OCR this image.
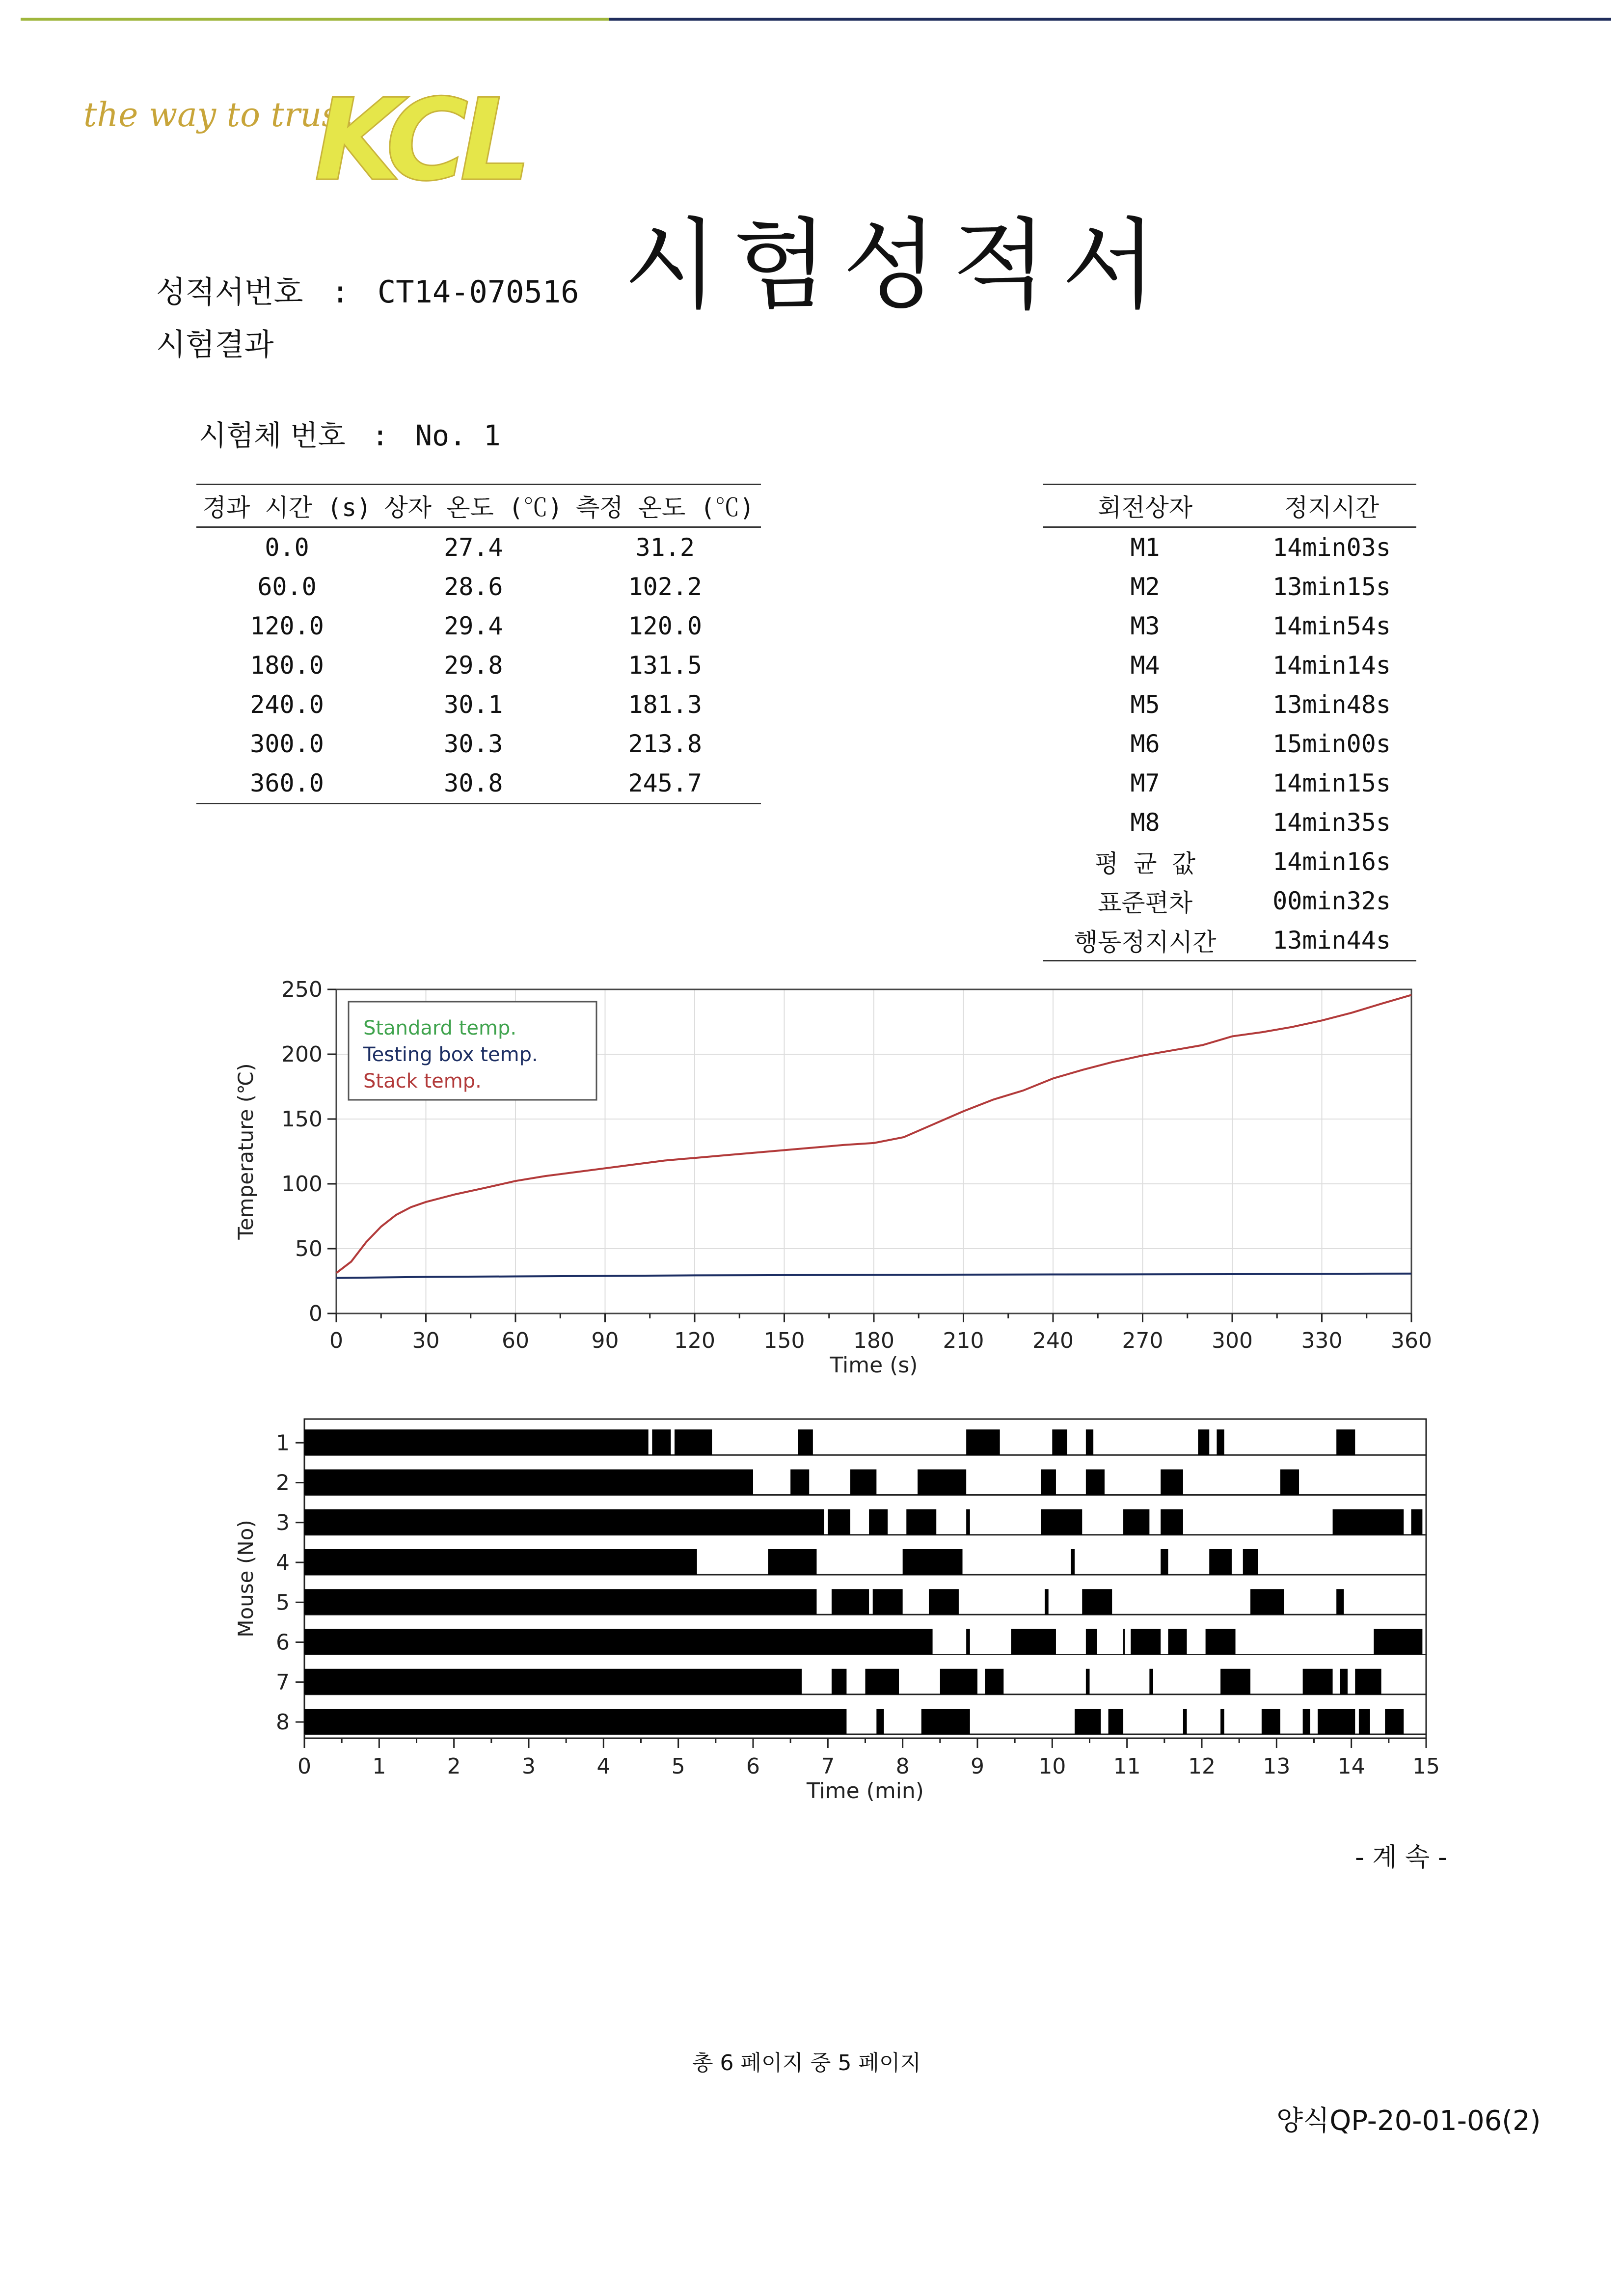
the way to trust
KCL
시험성적서
성적서번호  :  CT14-070516
시험결과
시험체 번호  :  No. 1
경과 시간 (s)	상자 온도 (℃)	측정 온도 (℃)
0.0	27.4	31.2
60.0	28.6	102.2
120.0	29.4	120.0
180.0	29.8	131.5
240.0	30.1	181.3
300.0	30.3	213.8
360.0	30.8	245.7
회전상자	정지시간
M1	14min03s
M2	13min15s
M3	14min54s
M4	14min14s
M5	13min48s
M6	15min00s
M7	14min15s
M8	14min35s
평 균 값	14min16s
표준편차	00min32s
행동정지시간	13min44s
0	30	60	90	120 150 180 210 240 270 300 330 360
0
50
100
150
200
250
Time (s)
Temperature (℃)
Standard temp.
Testing box temp.
Stack temp.
1
2
3
4
5
6
7
8
0	1	2	3	4	5	6	7	8	9	10 11 12 13 14 15
Time (min)
Mouse (No)
- 계 속 -
총 6 페이지 중 5 페이지
양식QP-20-01-06(2)
